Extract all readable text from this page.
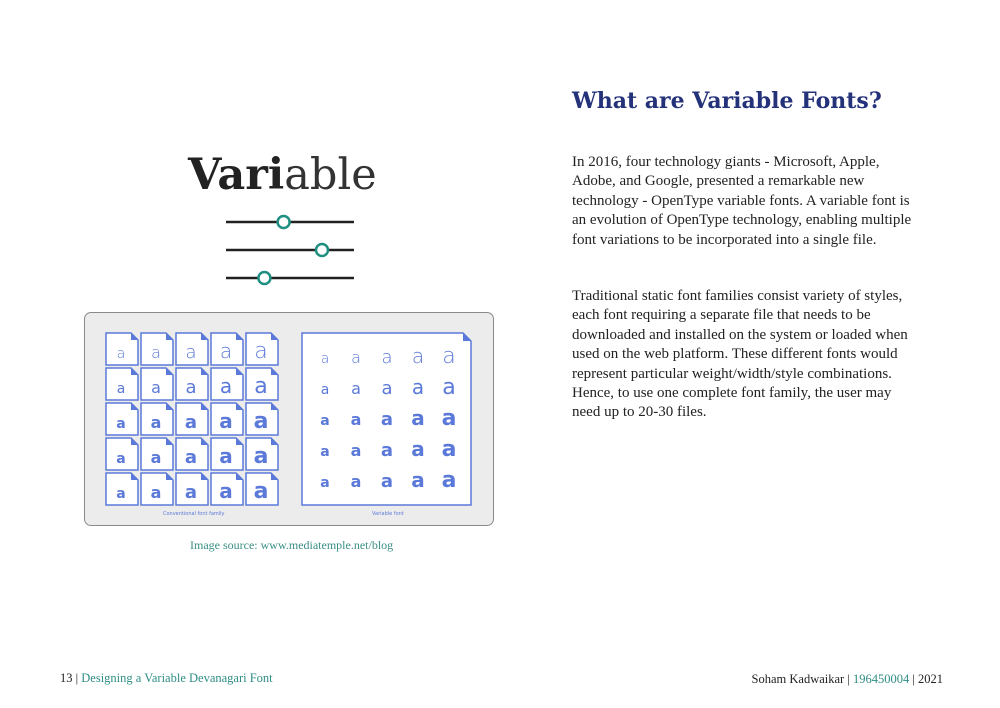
What are Variable Fonts?

In 2016, four technology giants - Microsoft, Apple, Adobe, and Google, presented a remarkable new technology - OpenType variable fonts. A variable font is an evolution of OpenType technology, enabling multiple font variations to be incorporated into a single file.

Traditional static font families consist variety of styles, each font requiring a separate file that needs to be downloaded and installed on the system or loaded when used on the web platform. These different fonts would represent particular weight/width/style combinations. Hence, to use one complete font family, the user may need up to 20-30 files.

Variable
a a a a a
a a a a a
a a a a a
a a a a a
a a a a a
a a a a a
a a a a a
a a a a a
a a a a a
a a a a a
Conventional font family	Variable font
Image source: www.mediatemple.net/blog
13 | Designing a Variable Devanagari Font	Soham Kadwaikar | 196450004 | 2021
